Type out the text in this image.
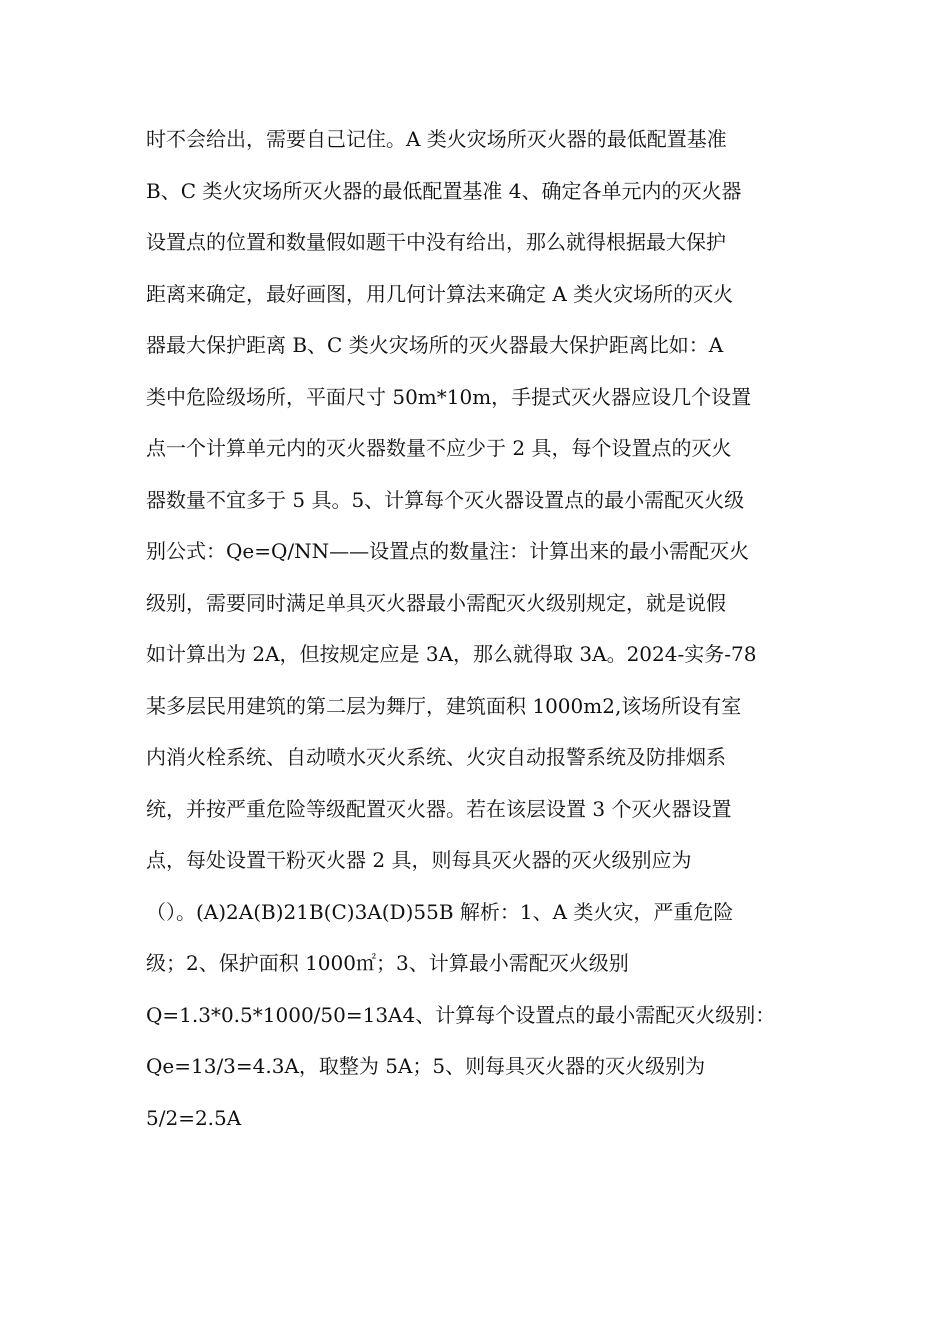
时不会给出，需要自己记住。A 类火灾场所灭火器的最低配置基准
B、C 类火灾场所灭火器的最低配置基准 4、确定各单元内的灭火器
设置点的位置和数量假如题干中没有给出，那么就得根据最大保护
距离来确定，最好画图，用几何计算法来确定 A 类火灾场所的灭火
器最大保护距离 B、C 类火灾场所的灭火器最大保护距离比如：A
类中危险级场所，平面尺寸 50m*10m，手提式灭火器应设几个设置
点一个计算单元内的灭火器数量不应少于 2 具，每个设置点的灭火
器数量不宜多于 5 具。5、计算每个灭火器设置点的最小需配灭火级
别公式：Qe=Q/NN——设置点的数量注：计算出来的最小需配灭火
级别，需要同时满足单具灭火器最小需配灭火级别规定，就是说假
如计算出为 2A，但按规定应是 3A，那么就得取 3A。2024-实务-78
某多层民用建筑的第二层为舞厅，建筑面积 1000m2,该场所设有室
内消火栓系统、自动喷水灭火系统、火灾自动报警系统及防排烟系
统，并按严重危险等级配置灭火器。若在该层设置 3 个灭火器设置
点，每处设置干粉灭火器 2 具，则每具灭火器的灭火级别应为
（）。(A)2A(B)21B(C)3A(D)55B 解析：1、A 类火灾，严重危险
级；2、保护面积 1000㎡；3、计算最小需配灭火级别
Q=1.3*0.5*1000/50=13A4、计算每个设置点的最小需配灭火级别：
Qe=13/3=4.3A，取整为 5A；5、则每具灭火器的灭火级别为
5/2=2.5A
